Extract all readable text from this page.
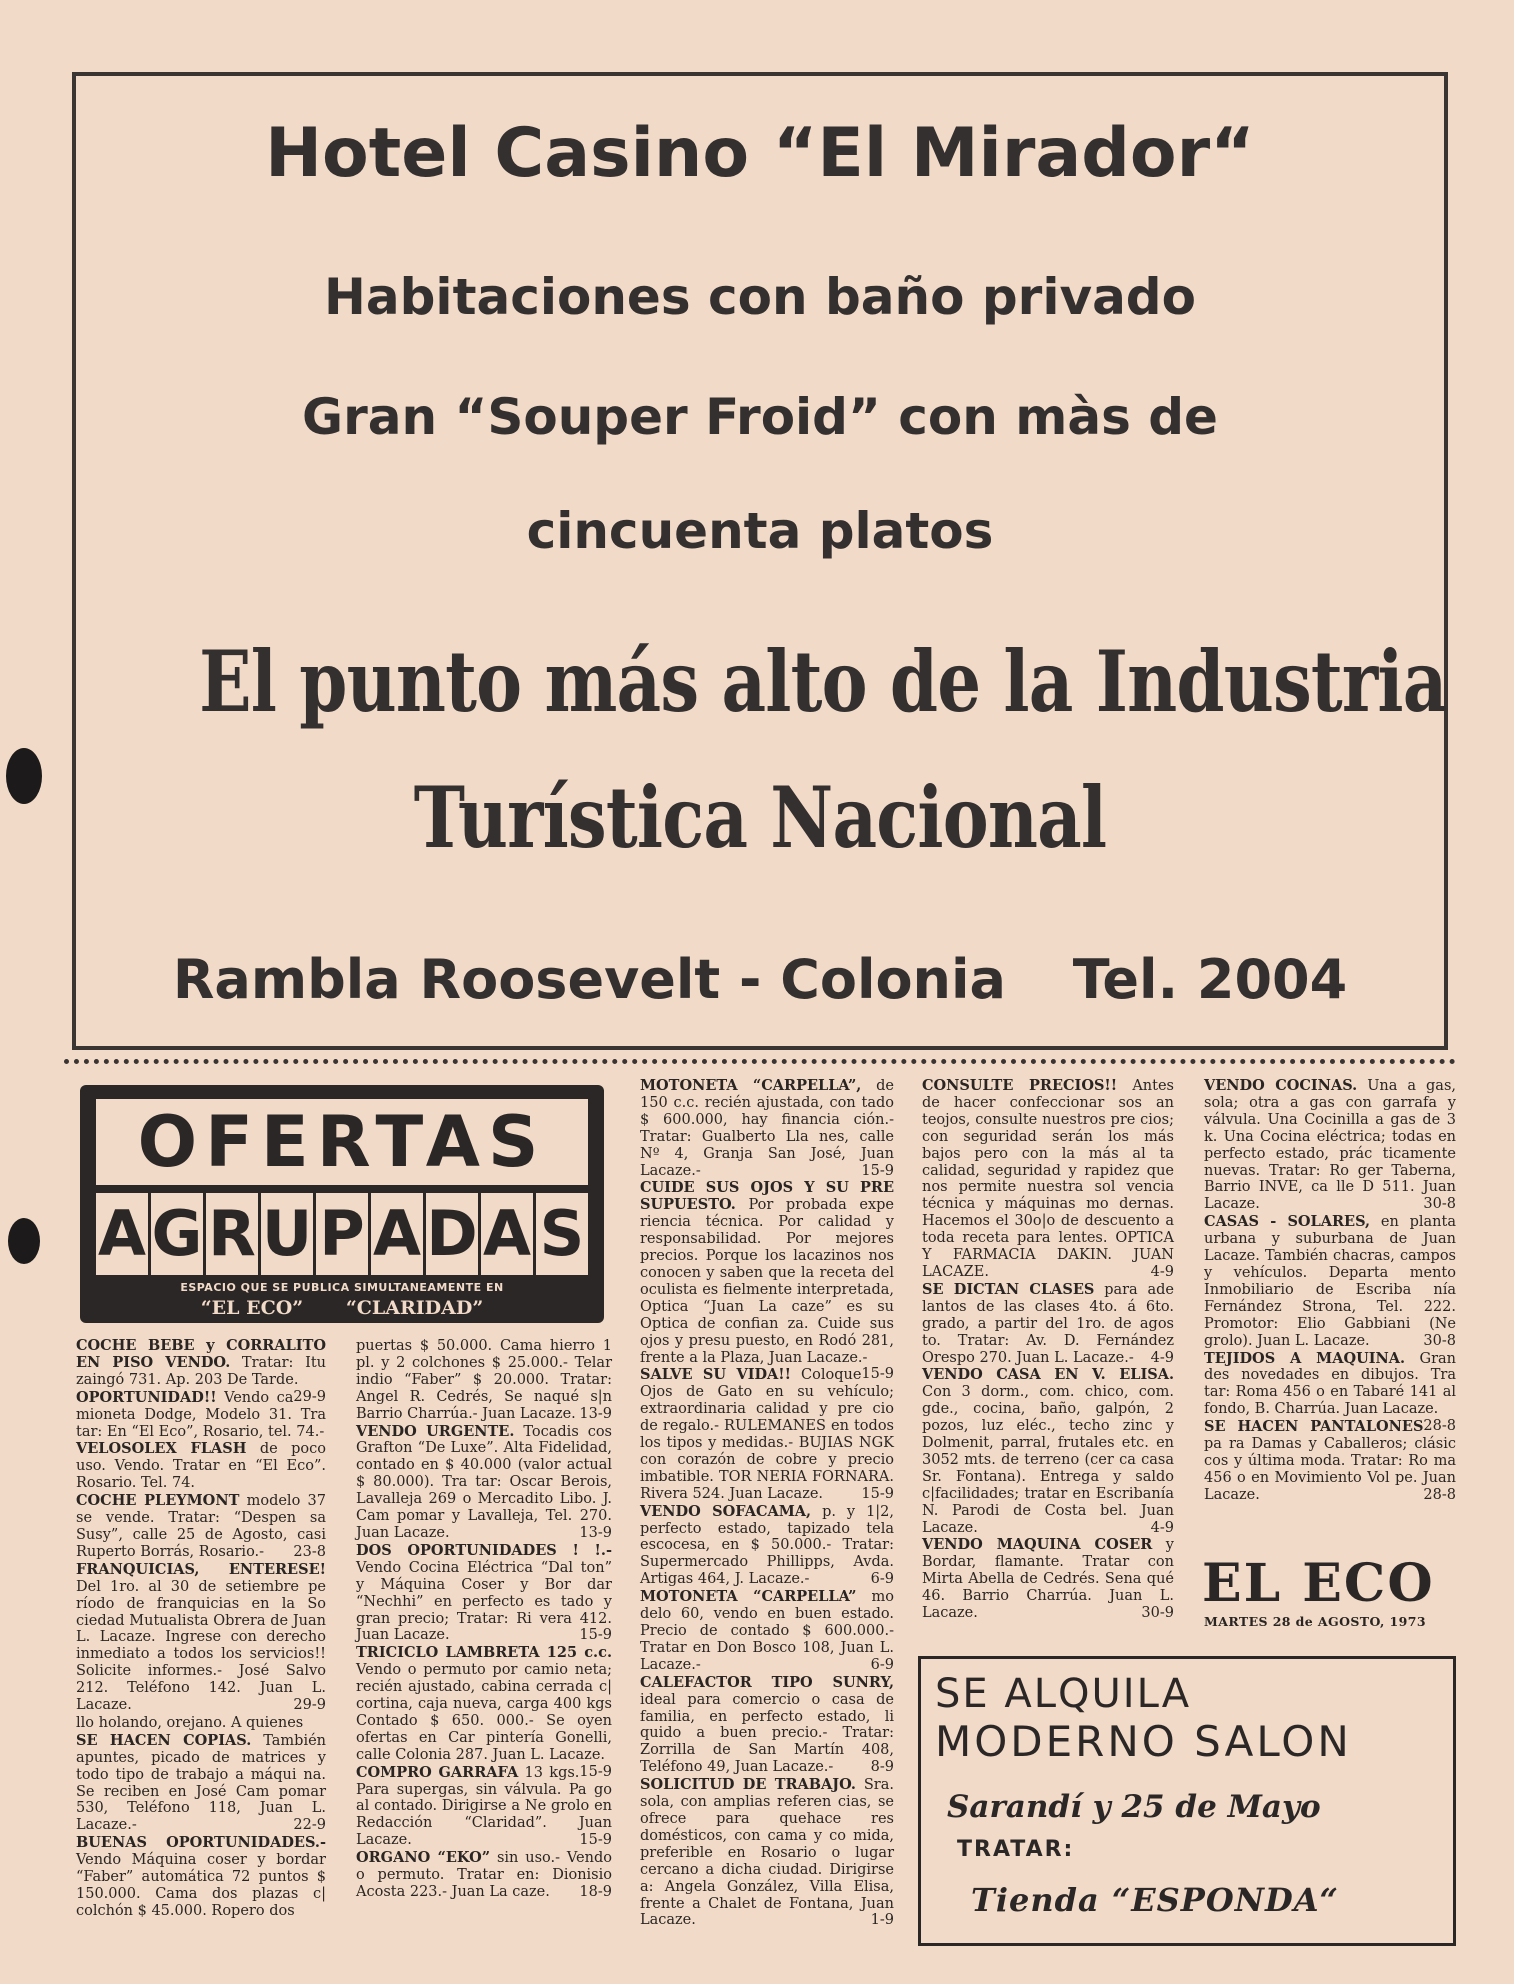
Hotel Casino “El Mirador“
Habitaciones con baño privado
Gran “Souper Froid” con màs de
cincuenta platos
El punto más alto de la Industria
Turística Nacional
Rambla Roosevelt - Colonia Tel. 2004
OFERTAS
A G R U P A D A S
ESPACIO QUE SE PUBLICA SIMULTANEAMENTE EN
“EL ECO” “CLARIDAD”

COCHE BEBE y CORRALITO EN PISO VENDO. Tratar: Itu zaingó 731. Ap. 203 De Tarde.
29-9

OPORTUNIDAD!! Vendo ca mioneta Dodge, Modelo 31. Tra tar: En “El Eco”, Rosario, tel. 74.-

VELOSOLEX FLASH de poco uso. Vendo. Tratar en “El Eco”. Rosario. Tel. 74.

COCHE PLEYMONT modelo 37 se vende. Tratar: “Despen sa Susy”, calle 25 de Agosto, casi Ruperto Borrás, Rosario.- 23-8

FRANQUICIAS, ENTERESE! Del 1ro. al 30 de setiembre pe ríodo de franquicias en la So ciedad Mutualista Obrera de Juan L. Lacaze. Ingrese con derecho inmediato a todos los servicios!! Solicite informes.- José Salvo 212. Teléfono 142. Juan L. Lacaze.	29-9

llo holando, orejano. A quienes

SE HACEN COPIAS. También apuntes, picado de matrices y todo tipo de trabajo a máqui na. Se reciben en José Cam pomar 530, Teléfono 118, Juan L. Lacaze.-	22-9

BUENAS OPORTUNIDADES.- Vendo Máquina coser y bordar “Faber” automática 72 puntos $ 150.000. Cama dos plazas c| colchón $ 45.000. Ropero dos

puertas $ 50.000. Cama hierro 1 pl. y 2 colchones $ 25.000.- Telar indio “Faber” $ 20.000. Tratar: Angel R. Cedrés, Se naqué s|n Barrio Charrúa.- Juan Lacaze. 13-9

VENDO URGENTE. Tocadis cos Grafton “De Luxe”. Alta Fidelidad, contado en $ 40.000 (valor actual $ 80.000). Tra tar: Oscar Berois, Lavalleja 269 o Mercadito Libo. J. Cam pomar y Lavalleja, Tel. 270. Juan Lacaze.	13-9

DOS OPORTUNIDADES ! !.- Vendo Cocina Eléctrica “Dal ton” y Máquina Coser y Bor dar “Nechhi” en perfecto es tado y gran precio; Tratar: Ri vera 412. Juan Lacaze.	15-9

TRICICLO LAMBRETA 125 c.c. Vendo o permuto por camio neta; recién ajustado, cabina cerrada c| cortina, caja nueva, carga 400 kgs Contado $ 650. 000.- Se oyen ofertas en Car pintería Gonelli, calle Colonia 287. Juan L. Lacaze.
15-9

COMPRO GARRAFA 13 kgs. Para supergas, sin válvula. Pa go al contado. Dirigirse a Ne grolo en Redacción “Claridad”. Juan Lacaze.	15-9

ORGANO “EKO” sin uso.- Vendo o permuto. Tratar en: Dionisio Acosta 223.- Juan La caze. 18-9

MOTONETA “CARPELLA”, de 150 c.c. recién ajustada, con tado $ 600.000, hay financia ción.- Tratar: Gualberto Lla nes, calle Nº 4, Granja San José, Juan Lacaze.-	15-9

CUIDE SUS OJOS Y SU PRE SUPUESTO. Por probada expe riencia técnica. Por calidad y responsabilidad. Por mejores precios. Porque los lacazinos nos conocen y saben que la receta del oculista es fielmente interpretada, Optica “Juan La caze” es su Optica de confian za. Cuide sus ojos y presu puesto, en Rodó 281, frente a la Plaza, Juan Lacaze.-
15-9

SALVE SU VIDA!! Coloque Ojos de Gato en su vehículo; extraordinaria calidad y pre cio de regalo.- RULEMANES en todos los tipos y medidas.- BUJIAS NGK con corazón de cobre y precio imbatible. TOR NERIA FORNARA. Rivera 524. Juan Lacaze.	15-9

VENDO SOFACAMA, p. y 1|2, perfecto estado, tapizado tela escocesa, en $ 50.000.- Tratar: Supermercado Phillipps, Avda. Artigas 464, J. Lacaze.-	6-9

MOTONETA “CARPELLA” mo delo 60, vendo en buen estado. Precio de contado $ 600.000.- Tratar en Don Bosco 108, Juan L. Lacaze.-	6-9

CALEFACTOR TIPO SUNRY, ideal para comercio o casa de familia, en perfecto estado, li quido a buen precio.- Tratar: Zorrilla de San Martín 408, Teléfono 49, Juan Lacaze.-	8-9

SOLICITUD DE TRABAJO. Sra. sola, con amplias referen cias, se ofrece para quehace res domésticos, con cama y co mida, preferible en Rosario o lugar cercano a dicha ciudad. Dirigirse a: Angela González, Villa Elisa, frente a Chalet de Fontana, Juan Lacaze.	1-9

CONSULTE PRECIOS!! Antes de hacer confeccionar sos an teojos, consulte nuestros pre cios; con seguridad serán los más bajos pero con la más al ta calidad, seguridad y rapidez que nos permite nuestra sol vencia técnica y máquinas mo dernas. Hacemos el 30o|o de descuento a toda receta para lentes. OPTICA Y FARMACIA DAKIN. JUAN LACAZE.	4-9

SE DICTAN CLASES para ade lantos de las clases 4to. á 6to. grado, a partir del 1ro. de agos to. Tratar: Av. D. Fernández Orespo 270. Juan L. Lacaze.- 4-9

VENDO CASA EN V. ELISA. Con 3 dorm., com. chico, com. gde., cocina, baño, galpón, 2 pozos, luz eléc., techo zinc y Dolmenit, parral, frutales etc. en 3052 mts. de terreno (cer ca casa Sr. Fontana). Entrega y saldo c|facilidades; tratar en Escribanía N. Parodi de Costa bel. Juan Lacaze.	4-9

VENDO MAQUINA COSER y Bordar, flamante. Tratar con Mirta Abella de Cedrés. Sena qué 46. Barrio Charrúa. Juan L. Lacaze.	30-9

VENDO COCINAS. Una a gas, sola; otra a gas con garrafa y válvula. Una Cocinilla a gas de 3 k. Una Cocina eléctrica; todas en perfecto estado, prác ticamente nuevas. Tratar: Ro ger Taberna, Barrio INVE, ca lle D 511. Juan Lacaze.	30-8

CASAS - SOLARES, en planta urbana y suburbana de Juan Lacaze. También chacras, campos y vehículos. Departa mento Inmobiliario de Escriba nía Fernández Strona, Tel. 222. Promotor: Elio Gabbiani (Ne grolo). Juan L. Lacaze.	30-8

TEJIDOS A MAQUINA. Gran des novedades en dibujos. Tra tar: Roma 456 o en Tabaré 141 al fondo, B. Charrúa. Juan Lacaze.
28-8

SE HACEN PANTALONES pa ra Damas y Caballeros; clásic cos y última moda. Tratar: Ro ma 456 o en Movimiento Vol pe. Juan Lacaze.	28-8

EL ECO
MARTES 28 de AGOSTO, 1973
SE ALQUILA
MODERNO SALON
Sarandí y 25 de Mayo
TRATAR:
Tienda “ESPONDA“
